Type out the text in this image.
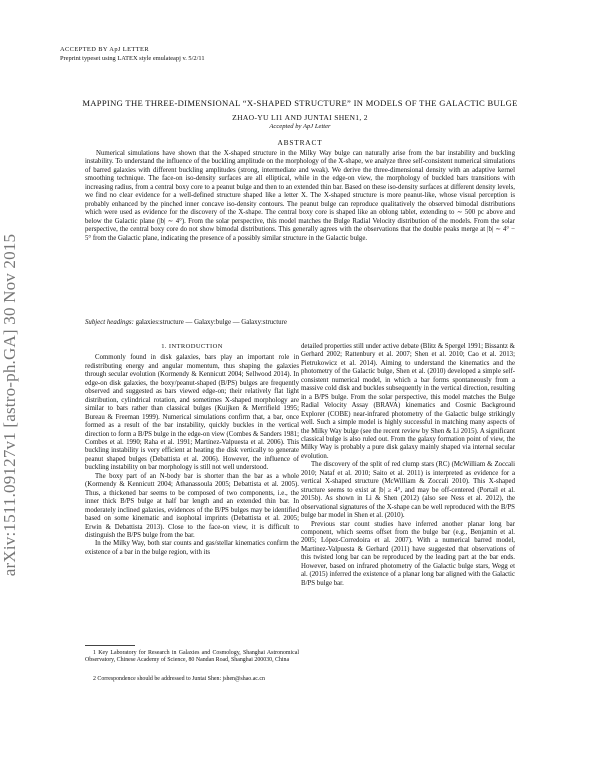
ACCEPTED BY ApJ LETTER
Preprint typeset using LATEX style emulateapj v. 5/2/11
arXiv:1511.09127v1 [astro-ph.GA] 30 Nov 2015
MAPPING THE THREE-DIMENSIONAL “X-SHAPED STRUCTURE” IN MODELS OF THE GALACTIC BULGE
ZHAO-YU LI1 AND JUNTAI SHEN1, 2
Accepted by ApJ Letter
ABSTRACT

Numerical simulations have shown that the X-shaped structure in the Milky Way bulge can naturally arise from the bar instability and buckling instability. To understand the influence of the buckling amplitude on the morphology of the X-shape, we analyze three self-consistent numerical simulations of barred galaxies with different buckling amplitudes (strong, intermediate and weak). We derive the three-dimensional density with an adaptive kernel smoothing technique. The face-on iso-density surfaces are all elliptical, while in the edge-on view, the morphology of buckled bars transitions with increasing radius, from a central boxy core to a peanut bulge and then to an extended thin bar. Based on these iso-density surfaces at different density levels, we find no clear evidence for a well-defined structure shaped like a letter X. The X-shaped structure is more peanut-like, whose visual perception is probably enhanced by the pinched inner concave iso-density contours. The peanut bulge can reproduce qualitatively the observed bimodal distributions which were used as evidence for the discovery of the X-shape. The central boxy core is shaped like an oblong tablet, extending to ∼ 500 pc above and below the Galactic plane (|b| ∼ 4°). From the solar perspective, this model matches the Bulge Radial Velocity distribution of the models. From the solar perspective, the central boxy core do not show bimodal distributions. This generally agrees with the observations that the double peaks merge at |b| ∼ 4° − 5° from the Galactic plane, indicating the presence of a possibly similar structure in the Galactic bulge.

Subject headings: galaxies:structure — Galaxy:bulge — Galaxy:structure
1. INTRODUCTION

Commonly found in disk galaxies, bars play an important role in redistributing energy and angular momentum, thus shaping the galaxies through secular evolution (Kormendy & Kennicutt 2004; Sellwood 2014). In edge-on disk galaxies, the boxy/peanut-shaped (B/PS) bulges are frequently observed and suggested as bars viewed edge-on; their relatively flat light distribution, cylindrical rotation, and sometimes X-shaped morphology are similar to bars rather than classical bulges (Kuijken & Merrifield 1995; Bureau & Freeman 1999). Numerical simulations confirm that, a bar, once formed as a result of the bar instability, quickly buckles in the vertical direction to form a B/PS bulge in the edge-on view (Combes & Sanders 1981; Combes et al. 1990; Raha et al. 1991; Martínez-Valpuesta et al. 2006). This buckling instability is very efficient at heating the disk vertically to generate peanut shaped bulges (Debattista et al. 2006). However, the influence of buckling instability on bar morphology is still not well understood.

The boxy part of an N-body bar is shorter than the bar as a whole (Kormendy & Kennicutt 2004; Athanassoula 2005; Debattista et al. 2005). Thus, a thickened bar seems to be composed of two components, i.e., the inner thick B/PS bulge at half bar length and an extended thin bar. In moderately inclined galaxies, evidences of the B/PS bulges may be identified based on some kinematic and isophotal imprints (Debattista et al. 2005; Erwin & Debattista 2013). Close to the face-on view, it is difficult to distinguish the B/PS bulge from the bar.

In the Milky Way, both star counts and gas/stellar kinematics confirm the existence of a bar in the bulge region, with its

detailed properties still under active debate (Blitz & Spergel 1991; Bissantz & Gerhard 2002; Rattenbury et al. 2007; Shen et al. 2010; Cao et al. 2013; Pietrukowicz et al. 2014). Aiming to understand the kinematics and the photometry of the Galactic bulge, Shen et al. (2010) developed a simple self-consistent numerical model, in which a bar forms spontaneously from a massive cold disk and buckles subsequently in the vertical direction, resulting in a B/PS bulge. From the solar perspective, this model matches the Bulge Radial Velocity Assay (BRAVA) kinematics and Cosmic Background Explorer (COBE) near-infrared photometry of the Galactic bulge strikingly well. Such a simple model is highly successful in matching many aspects of the Milky Way bulge (see the recent review by Shen & Li 2015). A significant classical bulge is also ruled out. From the galaxy formation point of view, the Milky Way is probably a pure disk galaxy mainly shaped via internal secular evolution.

The discovery of the split of red clump stars (RC) (McWilliam & Zoccali 2010; Nataf et al. 2010; Saito et al. 2011) is interpreted as evidence for a vertical X-shaped structure (McWilliam & Zoccali 2010). This X-shaped structure seems to exist at |b| ≥ 4°, and may be off-centered (Portail et al. 2015b). As shown in Li & Shen (2012) (also see Ness et al. 2012), the observational signatures of the X-shape can be well reproduced with the B/PS bulge bar model in Shen et al. (2010).

Previous star count studies have inferred another planar long bar component, which seems offset from the bulge bar (e.g., Benjamin et al. 2005; López-Corredoira et al. 2007). With a numerical barred model, Martinez-Valpuesta & Gerhard (2011) have suggested that observations of this twisted long bar can be reproduced by the leading part at the bar ends. However, based on infrared photometry of the Galactic bulge stars, Wegg et al. (2015) inferred the existence of a planar long bar aligned with the Galactic B/PS bulge bar.

1 Key Laboratory for Research in Galaxies and Cosmology, Shanghai Astronomical Observatory, Chinese Academy of Science, 80 Nandan Road, Shanghai 200030, China

2 Correspondence should be addressed to Juntai Shen: jshen@shao.ac.cn
